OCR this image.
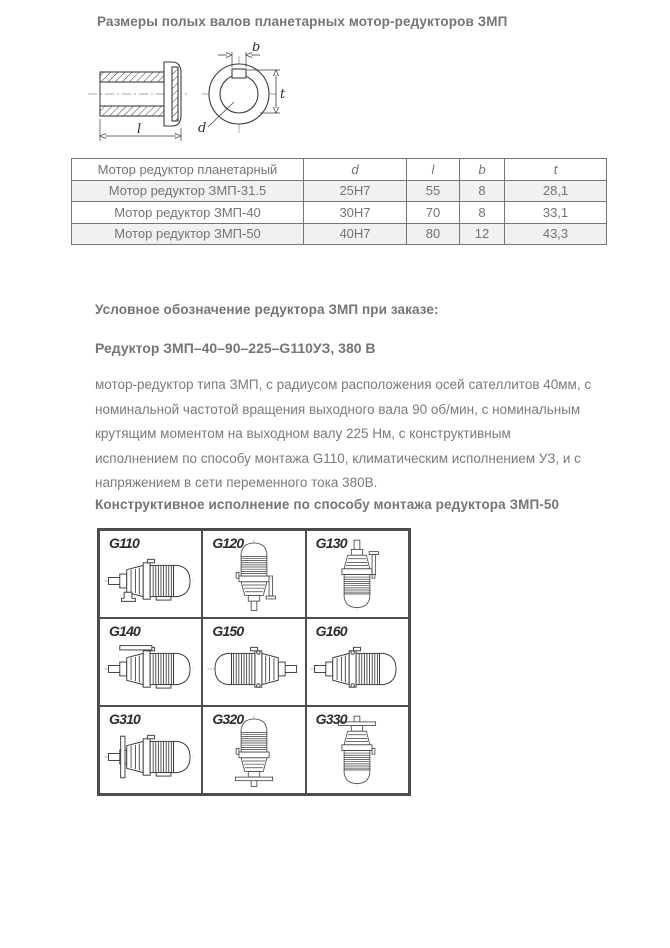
Размеры полых валов планетарных мотор-редукторов ЗМП
l
b
t
d
Мотор редуктор планетарный	d	l	b	t
Мотор редуктор ЗМП-31.5	25Н7	55	8	28,1
Мотор редуктор ЗМП-40	30Н7	70	8	33,1
Мотор редуктор ЗМП-50	40Н7	80	12	43,3
Условное обозначение редуктора ЗМП при заказе:
Редуктор ЗМП–40–90–225–G110УЗ, 380 В
мотор-редуктор типа ЗМП, с радиусом расположения осей сателлитов 40мм, с номинальной частотой вращения выходного вала 90 об/мин, с номинальным крутящим моментом на выходном валу 225 Нм, с конструктивным исполнением по способу монтажа G110, климатическим исполнением УЗ, и с напряжением в сети переменного тока 380В.
Конструктивное исполнение по способу монтажа редуктора ЗМП-50
G110	G120	G130
G140	G150	G160
G310	G320	G330
